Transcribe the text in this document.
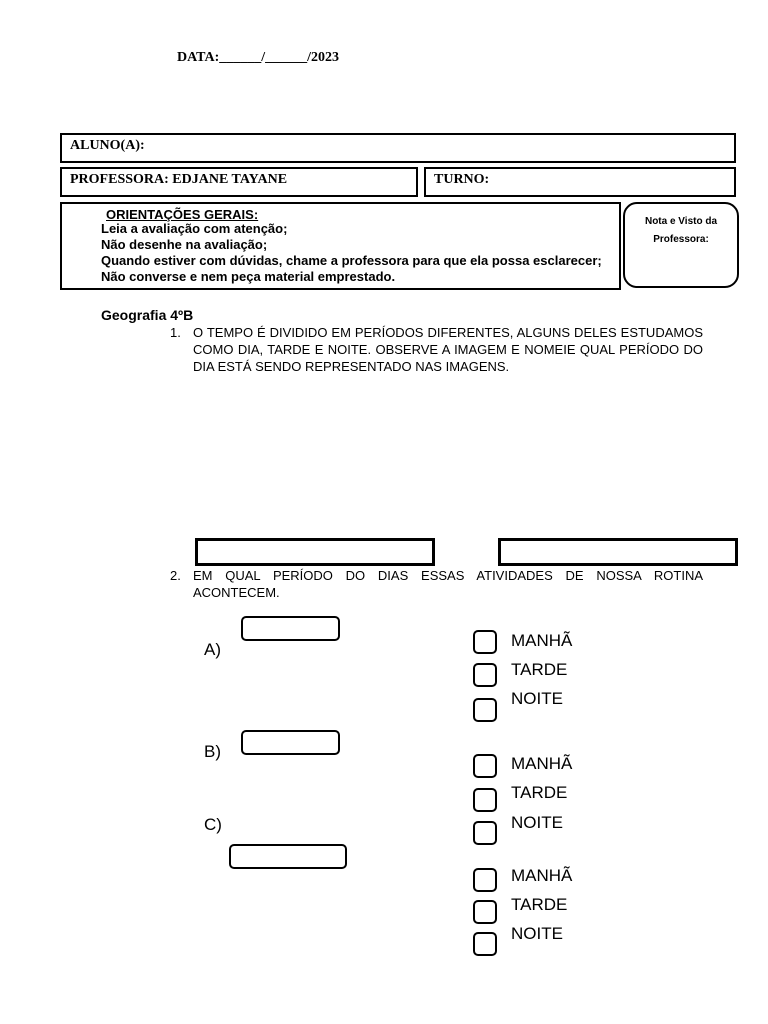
DATA:______/______/2023
ALUNO(A):
PROFESSORA: EDJANE TAYANE	TURNO:
ORIENTAÇÕES GERAIS:
Leia a avaliação com atenção;
Não desenhe na avaliação;
Quando estiver com dúvidas, chame a professora para que ela possa esclarecer;
Não converse e nem peça material emprestado.
Nota e Visto da
Professora:
Geografia 4ºB
1. O TEMPO É DIVIDIDO EM PERÍODOS DIFERENTES, ALGUNS DELES ESTUDAMOS COMO DIA, TARDE E NOITE. OBSERVE A IMAGEM E NOMEIE QUAL PERÍODO DO DIA ESTÁ SENDO REPRESENTADO NAS IMAGENS.
2. EM QUAL PERÍODO DO DIAS ESSAS ATIVIDADES DE NOSSA ROTINA ACONTECEM.
A)
B)
C)
MANHÃ
TARDE
NOITE
MANHÃ
TARDE
NOITE
MANHÃ
TARDE
NOITE
